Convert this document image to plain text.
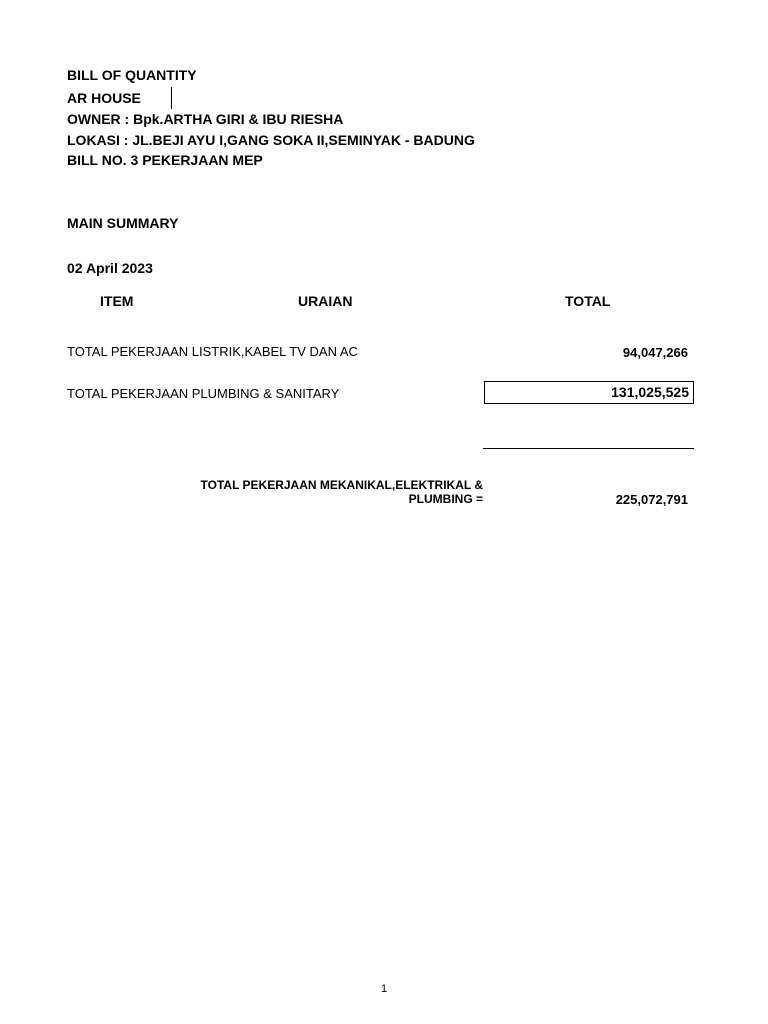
BILL OF QUANTITY
AR HOUSE
OWNER : Bpk.ARTHA GIRI & IBU RIESHA
LOKASI : JL.BEJI AYU I,GANG SOKA II,SEMINYAK - BADUNG
BILL NO. 3 PEKERJAAN MEP
MAIN SUMMARY
02 April 2023
ITEM	URAIAN	TOTAL
TOTAL PEKERJAAN LISTRIK,KABEL TV DAN AC	94,047,266
TOTAL PEKERJAAN PLUMBING & SANITARY	131,025,525
TOTAL PEKERJAAN MEKANIKAL,ELEKTRIKAL &
PLUMBING =	225,072,791
1
